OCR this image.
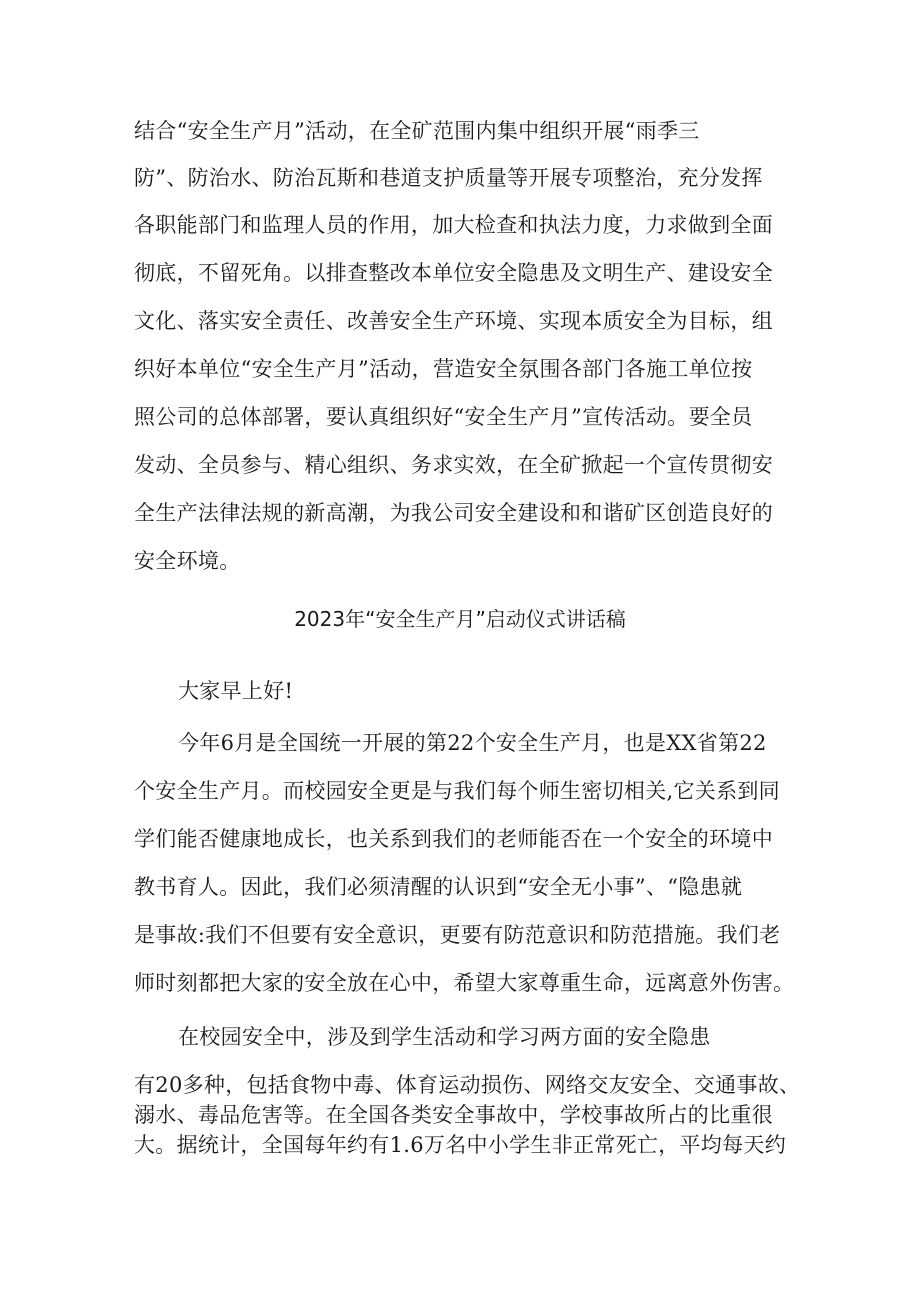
结合“安全生产月”活动，在全矿范围内集中组织开展“雨季三
防”、防治水、防治瓦斯和巷道支护质量等开展专项整治，充分发挥
各职能部门和监理人员的作用，加大检查和执法力度，力求做到全面
彻底，不留死角。以排查整改本单位安全隐患及文明生产、建设安全
文化、落实安全责任、改善安全生产环境、实现本质安全为目标，组
织好本单位“安全生产月”活动，营造安全氛围各部门各施工单位按
照公司的总体部署，要认真组织好“安全生产月”宣传活动。要全员
发动、全员参与、精心组织、务求实效，在全矿掀起一个宣传贯彻安
全生产法律法规的新高潮，为我公司安全建设和和谐矿区创造良好的
安全环境。
2023年“安全生产月”启动仪式讲话稿
大家早上好!
今年6月是全国统一开展的第22个安全生产月，也是XX省第22
个安全生产月。而校园安全更是与我们每个师生密切相关,它关系到同
学们能否健康地成长，也关系到我们的老师能否在一个安全的环境中
教书育人。因此，我们必须清醒的认识到“安全无小事”、“隐患就
是事故:我们不但要有安全意识，更要有防范意识和防范措施。我们老
师时刻都把大家的安全放在心中，希望大家尊重生命，远离意外伤害。
在校园安全中，涉及到学生活动和学习两方面的安全隐患
有20多种，包括食物中毒、体育运动损伤、网络交友安全、交通事故、
溺水、毒品危害等。在全国各类安全事故中，学校事故所占的比重很
大。据统计，全国每年约有1.6万名中小学生非正常死亡，平均每天约
